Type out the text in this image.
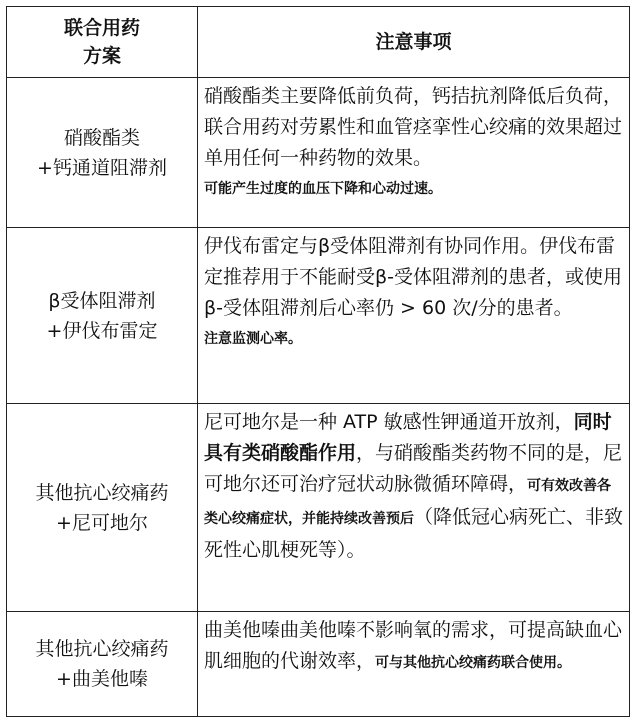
联合用药
方案	注意事项

硝酸酯类
+钙通道阻滞剂	硝酸酯类主要降低前负荷，钙拮抗剂降低后负荷，联合用药对劳累性和血管痉挛性心绞痛的效果超过单用任何一种药物的效果。
可能产生过度的血压下降和心动过速。

β受体阻滞剂
+伊伐布雷定	伊伐布雷定与β受体阻滞剂有协同作用。伊伐布雷定推荐用于不能耐受β-受体阻滞剂的患者，或使用β-受体阻滞剂后心率仍 > 60 次/分的患者。
注意监测心率。

其他抗心绞痛药
+尼可地尔	尼可地尔是一种 ATP 敏感性钾通道开放剂，同时具有类硝酸酯作用，与硝酸酯类药物不同的是，尼可地尔还可治疗冠状动脉微循环障碍，可有效改善各类心绞痛症状，并能持续改善预后（降低冠心病死亡、非致死性心肌梗死等）。

其他抗心绞痛药
+曲美他嗪	曲美他嗪曲美他嗪不影响氧的需求，可提高缺血心肌细胞的代谢效率，可与其他抗心绞痛药联合使用。
